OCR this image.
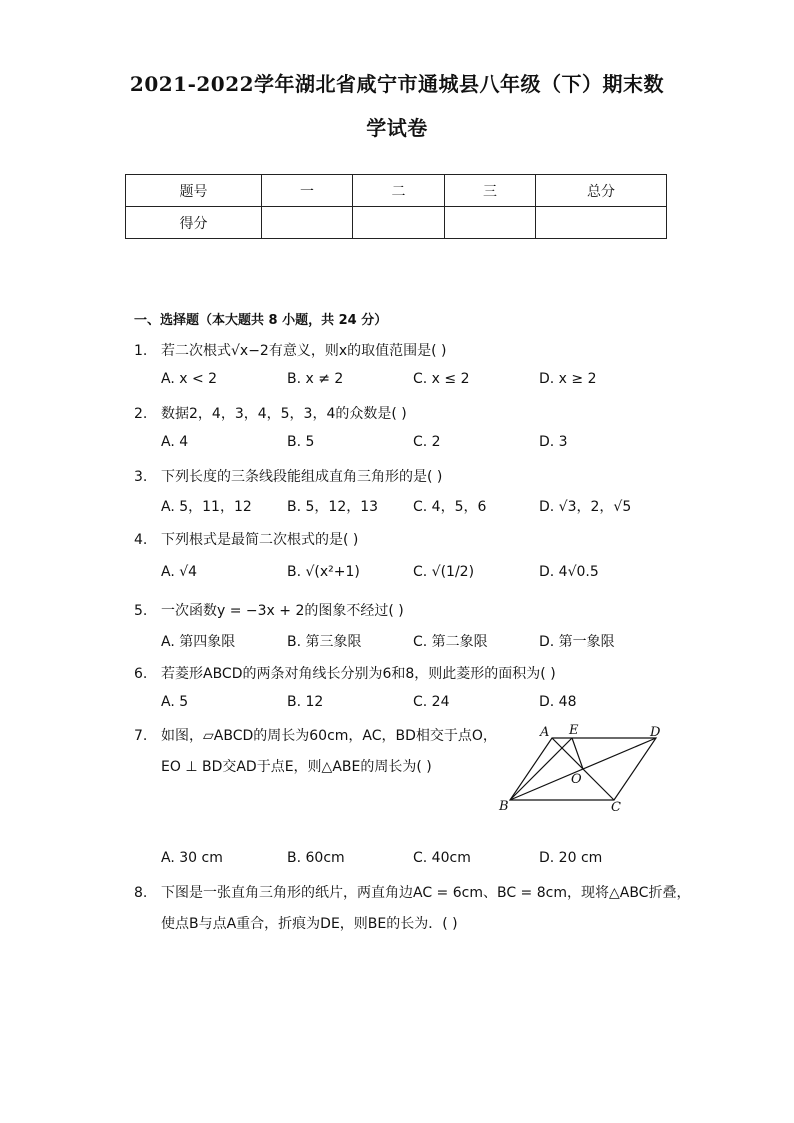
2021-2022学年湖北省咸宁市通城县八年级（下）期末数
学试卷
题号	一	二	三	总分
得分				
一、选择题（本大题共 8 小题，共 24 分）
1. 若二次根式√x−2有意义，则x的取值范围是( )
A. x < 2	B. x ≠ 2	C. x ≤ 2	D. x ≥ 2
2. 数据2，4，3，4，5，3，4的众数是( )
A. 4	B. 5	C. 2	D. 3
3. 下列长度的三条线段能组成直角三角形的是( )
A. 5，11，12	B. 5，12，13 C. 4，5，6	D. √3，2，√5
4. 下列根式是最简二次根式的是( )
A. √4	B. √(x²+1)	C. √(1/2)	D. 4√0.5
5. 一次函数y = −3x + 2的图象不经过( )
A. 第四象限	B. 第三象限	C. 第二象限	D. 第一象限
6. 若菱形ABCD的两条对角线长分别为6和8，则此菱形的面积为( )
A. 5	B. 12	C. 24	D. 48
7. 如图，▱ABCD的周长为60cm，AC，BD相交于点O，
EO ⊥ BD交AD于点E，则△ABE的周长为( )
A E	D
O
B	C
A. 30 cm	B. 60cm	C. 40cm	D. 20 cm
8. 下图是一张直角三角形的纸片，两直角边AC = 6cm、BC = 8cm，现将△ABC折叠，
使点B与点A重合，折痕为DE，则BE的长为．( )
